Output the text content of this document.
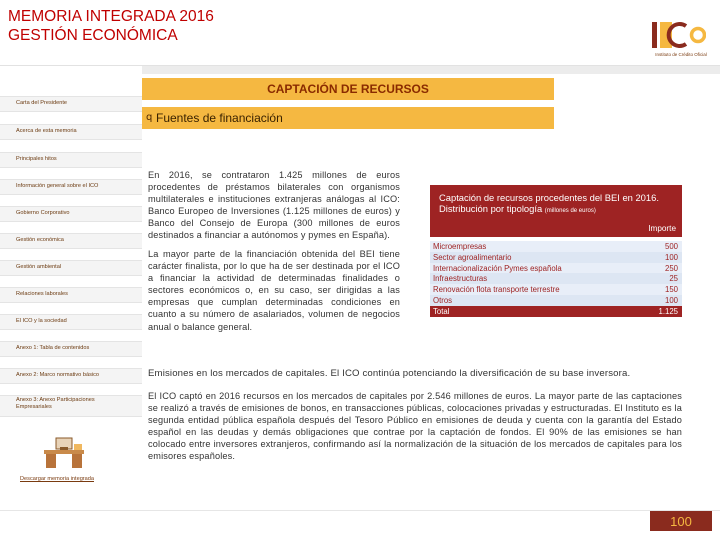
MEMORIA INTEGRADA 2016
GESTIÓN ECONÓMICA
Instituto de Crédito Oficial
Carta del Presidente
Acerca de esta memoria
Principales hitos
Información general sobre el ICO
Gobierno Corporativo
Gestión económica
Gestión ambiental
Relaciones laborales
El ICO y la sociedad
Anexo 1: Tabla de contenidos
Anexo 2: Marco normativo básico
Anexo 3: Anexo Participaciones Empresariales
Descargar memoria integrada
CAPTACIÓN DE RECURSOS
q Fuentes de financiación

En 2016, se contrataron 1.425 millones de euros procedentes de préstamos bilaterales con organismos multilaterales e instituciones extranjeras análogas al ICO: Banco Europeo de Inversiones (1.125 millones de euros) y Banco del Consejo de Europa (300 millones de euros destinados a financiar a autónomos y pymes en España).

La mayor parte de la financiación obtenida del BEI tiene carácter finalista, por lo que ha de ser destinada por el ICO a financiar la actividad de determinadas finalidades o sectores económicos o, en su caso, ser dirigidas a las empresas que cumplan determinadas condiciones en cuanto a su número de asalariados, volumen de negocios anual o balance general.

Emisiones en los mercados de capitales. El ICO continúa potenciando la diversificación de su base inversora.

El ICO captó en 2016 recursos en los mercados de capitales por 2.546 millones de euros. La mayor parte de las captaciones se realizó a través de emisiones de bonos, en transacciones públicas, colocaciones privadas y estructuradas. El Instituto es la segunda entidad pública española después del Tesoro Público en emisiones de deuda y cuenta con la garantía del Estado español en las deudas y demás obligaciones que contrae por la captación de fondos. El 90% de las emisiones se han colocado entre inversores extranjeros, confirmando así la normalización de la situación de los mercados de capitales para los emisores españoles.

Captación de recursos procedentes del BEI en 2016.
Distribución por tipología (millones de euros)
Importe
Microempresas	500
Sector agroalimentario	100
Internacionalización Pymes española	250
Infraestructuras	25
Renovación flota transporte terrestre	150
Otros	100
Total	1.125
100
